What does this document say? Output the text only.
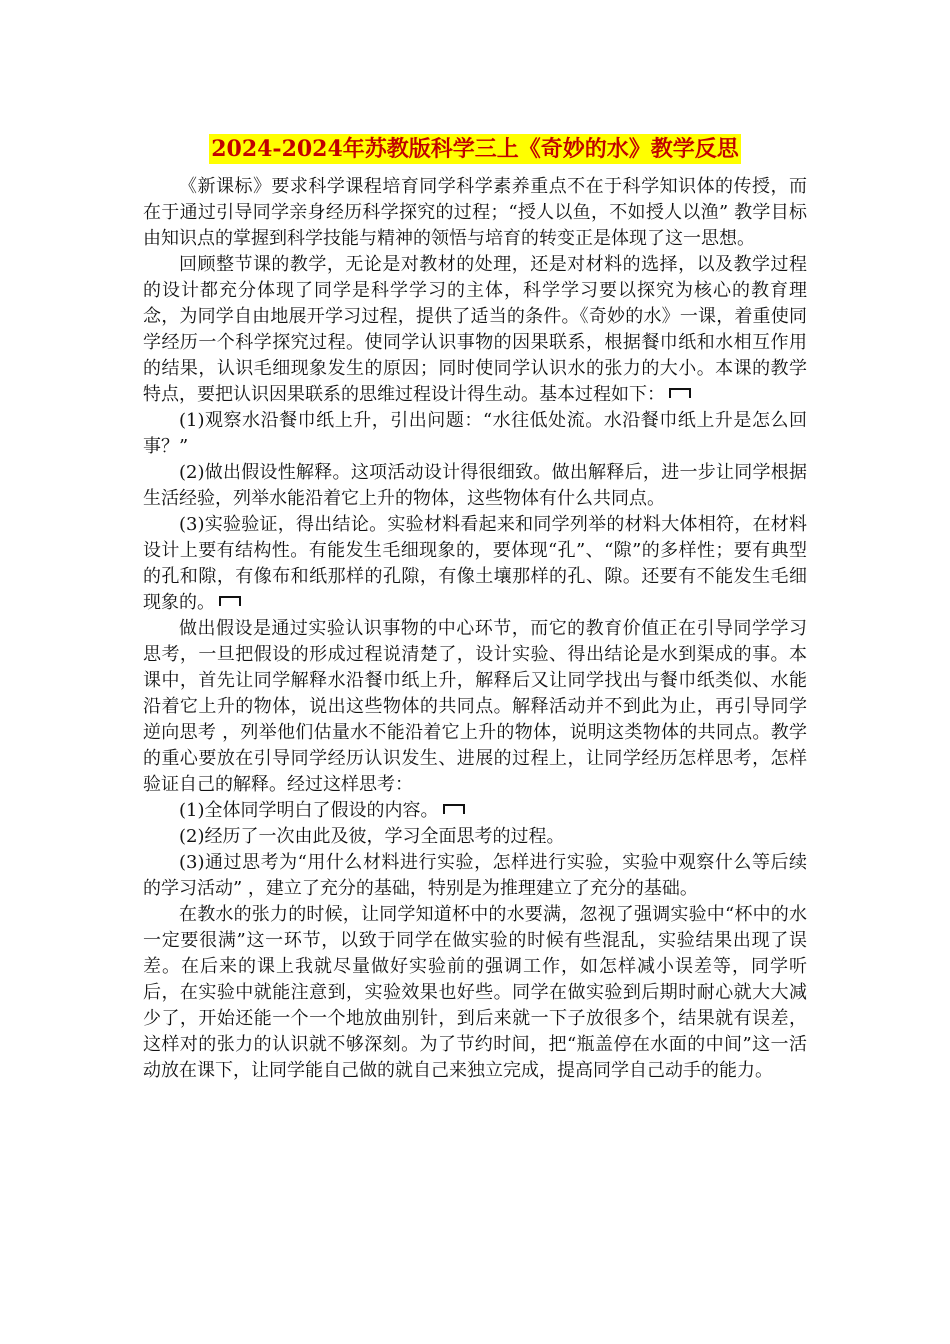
2024-2024年苏教版科学三上《奇妙的水》教学反思

《新课标》要求科学课程培育同学科学素养重点不在于科学知识体的传授，而在于通过引导同学亲身经历科学探究的过程；“授人以鱼，不如授人以渔” 教学目标由知识点的掌握到科学技能与精神的领悟与培育的转变正是体现了这一思想。

回顾整节课的教学，无论是对教材的处理，还是对材料的选择，以及教学过程的设计都充分体现了同学是科学学习的主体，科学学习要以探究为核心的教育理念，为同学自由地展开学习过程，提供了适当的条件。《奇妙的水》一课，着重使同学经历一个科学探究过程。使同学认识事物的因果联系，根据餐巾纸和水相互作用的结果，认识毛细现象发生的原因；同时使同学认识水的张力的大小。本课的教学特点，要把认识因果联系的思维过程设计得生动。基本过程如下：

(1)观察水沿餐巾纸上升，引出问题：“水往低处流。水沿餐巾纸上升是怎么回事？”

(2)做出假设性解释。这项活动设计得很细致。做出解释后，进一步让同学根据生活经验，列举水能沿着它上升的物体，这些物体有什么共同点。

(3)实验验证，得出结论。实验材料看起来和同学列举的材料大体相符，在材料设计上要有结构性。有能发生毛细现象的，要体现“孔”、“隙”的多样性；要有典型的孔和隙，有像布和纸那样的孔隙，有像土壤那样的孔、隙。还要有不能发生毛细现象的。

做出假设是通过实验认识事物的中心环节，而它的教育价值正在引导同学学习思考，一旦把假设的形成过程说清楚了，设计实验、得出结论是水到渠成的事。本课中，首先让同学解释水沿餐巾纸上升，解释后又让同学找出与餐巾纸类似、水能沿着它上升的物体，说出这些物体的共同点。解释活动并不到此为止，再引导同学逆向思考 ，列举他们估量水不能沿着它上升的物体，说明这类物体的共同点。教学的重心要放在引导同学经历认识发生、进展的过程上，让同学经历怎样思考，怎样验证自己的解释。经过这样思考：

(1)全体同学明白了假设的内容。

(2)经历了一次由此及彼，学习全面思考的过程。

(3)通过思考为“用什么材料进行实验，怎样进行实验，实验中观察什么等后续的学习活动” ，建立了充分的基础，特别是为推理建立了充分的基础。

在教水的张力的时候，让同学知道杯中的水要满，忽视了强调实验中“杯中的水一定要很满”这一环节，以致于同学在做实验的时候有些混乱，实验结果出现了误差。在后来的课上我就尽量做好实验前的强调工作，如怎样减小误差等，同学听后，在实验中就能注意到，实验效果也好些。同学在做实验到后期时耐心就大大减少了，开始还能一个一个地放曲别针，到后来就一下子放很多个，结果就有误差，这样对的张力的认识就不够深刻。为了节约时间，把“瓶盖停在水面的中间”这一活动放在课下，让同学能自己做的就自己来独立完成，提高同学自己动手的能力。
